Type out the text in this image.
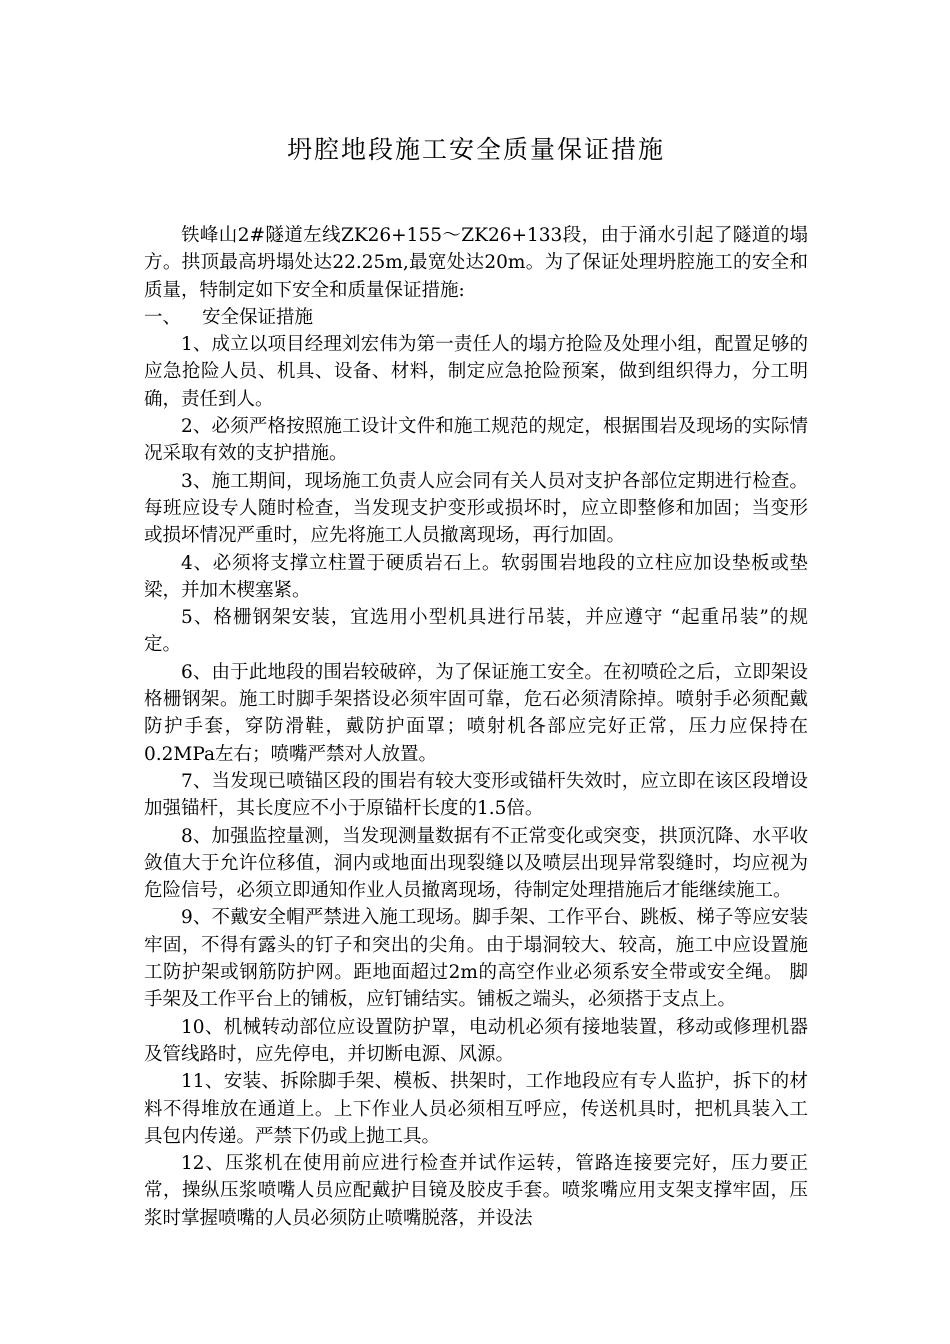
坍腔地段施工安全质量保证措施

铁峰山2#隧道左线ZK26+155～ZK26+133段，由于涌水引起了隧道的塌方。拱顶最高坍塌处达22.25m,最宽处达20m。为了保证处理坍腔施工的安全和质量，特制定如下安全和质量保证措施:

一、 安全保证措施

1、成立以项目经理刘宏伟为第一责任人的塌方抢险及处理小组，配置足够的应急抢险人员、机具、设备、材料，制定应急抢险预案，做到组织得力，分工明确，责任到人。

2、必须严格按照施工设计文件和施工规范的规定，根据围岩及现场的实际情况采取有效的支护措施。

3、施工期间，现场施工负责人应会同有关人员对支护各部位定期进行检查。每班应设专人随时检查，当发现支护变形或损坏时，应立即整修和加固；当变形或损坏情况严重时，应先将施工人员撤离现场，再行加固。

4、必须将支撑立柱置于硬质岩石上。软弱围岩地段的立柱应加设垫板或垫梁，并加木楔塞紧。

5、格栅钢架安装，宜选用小型机具进行吊装，并应遵守 “起重吊装”的规定。

6、由于此地段的围岩较破碎，为了保证施工安全。在初喷砼之后，立即架设格栅钢架。施工时脚手架搭设必须牢固可靠，危石必须清除掉。喷射手必须配戴防护手套，穿防滑鞋，戴防护面罩；喷射机各部应完好正常，压力应保持在0.2MPa左右；喷嘴严禁对人放置。

7、当发现已喷锚区段的围岩有较大变形或锚杆失效时，应立即在该区段增设加强锚杆，其长度应不小于原锚杆长度的1.5倍。

8、加强监控量测，当发现测量数据有不正常变化或突变，拱顶沉降、水平收敛值大于允许位移值，洞内或地面出现裂缝以及喷层出现异常裂缝时，均应视为危险信号，必须立即通知作业人员撤离现场，待制定处理措施后才能继续施工。

9、不戴安全帽严禁进入施工现场。脚手架、工作平台、跳板、梯子等应安装牢固，不得有露头的钉子和突出的尖角。由于塌洞较大、较高，施工中应设置施工防护架或钢筋防护网。距地面超过2m的高空作业必须系安全带或安全绳。 脚手架及工作平台上的铺板，应钉铺结实。铺板之端头，必须搭于支点上。

10、机械转动部位应设置防护罩，电动机必须有接地装置，移动或修理机器及管线路时，应先停电，并切断电源、风源。

11、安装、拆除脚手架、模板、拱架时，工作地段应有专人监护，拆下的材料不得堆放在通道上。上下作业人员必须相互呼应，传送机具时，把机具装入工具包内传递。严禁下仍或上抛工具。

12、压浆机在使用前应进行检查并试作运转，管路连接要完好，压力要正常，操纵压浆喷嘴人员应配戴护目镜及胶皮手套。喷浆嘴应用支架支撑牢固，压浆时掌握喷嘴的人员必须防止喷嘴脱落，并设法
